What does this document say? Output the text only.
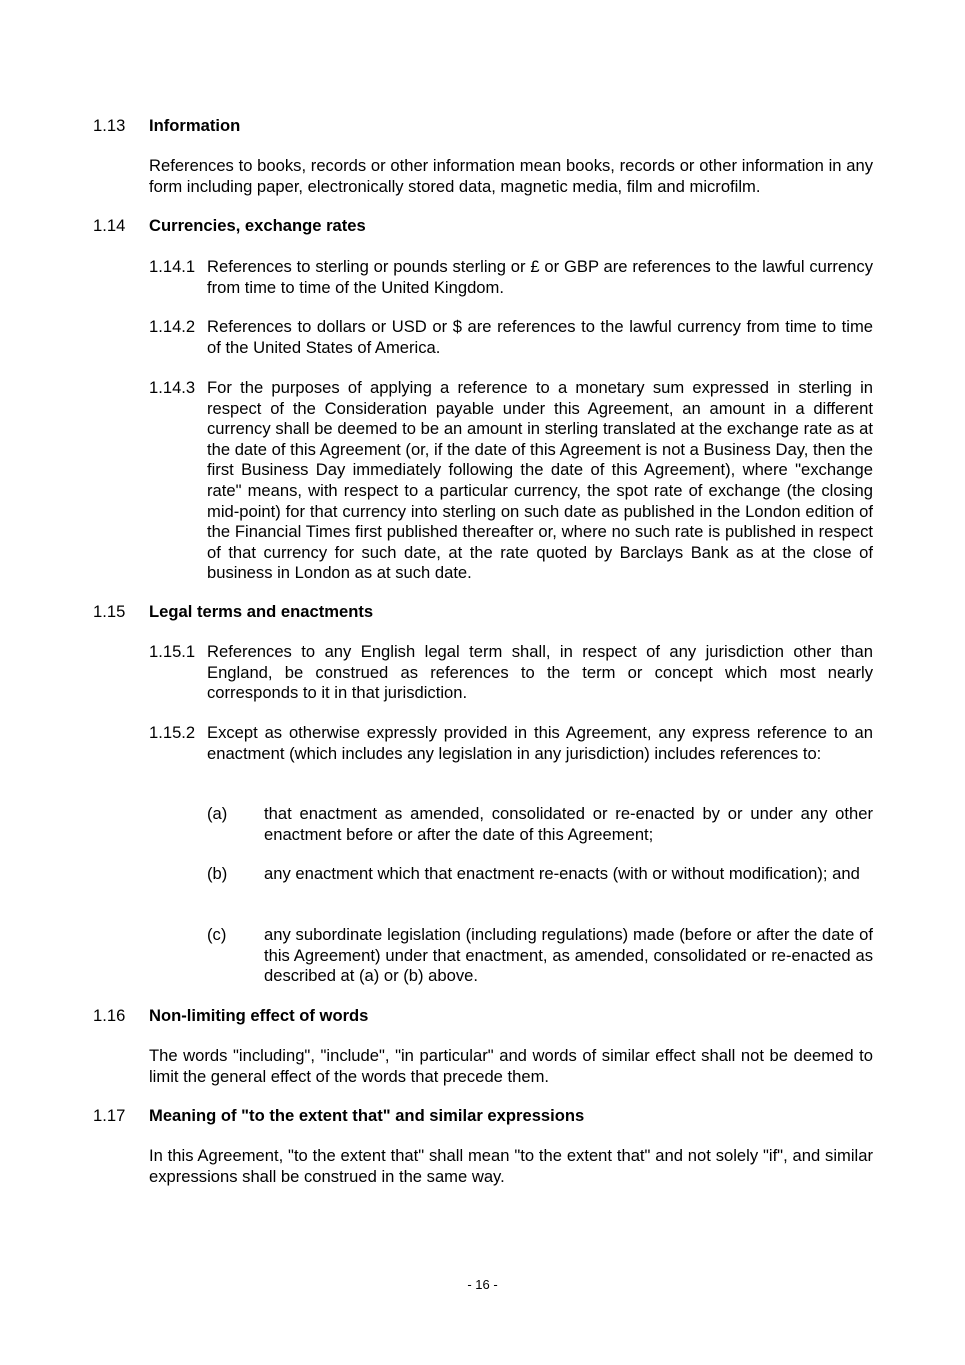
1.13 Information
References to books, records or other information mean books, records or other information in any form including paper, electronically stored data, magnetic media, film and microfilm.
1.14 Currencies, exchange rates
1.14.1 References to sterling or pounds sterling or £ or GBP are references to the lawful currency from time to time of the United Kingdom.
1.14.2 References to dollars or USD or $ are references to the lawful currency from time to time of the United States of America.
1.14.3 For the purposes of applying a reference to a monetary sum expressed in sterling in respect of the Consideration payable under this Agreement, an amount in a different currency shall be deemed to be an amount in sterling translated at the exchange rate as at the date of this Agreement (or, if the date of this Agreement is not a Business Day, then the first Business Day immediately following the date of this Agreement), where "exchange rate" means, with respect to a particular currency, the spot rate of exchange (the closing mid-point) for that currency into sterling on such date as published in the London edition of the Financial Times first published thereafter or, where no such rate is published in respect of that currency for such date, at the rate quoted by Barclays Bank as at the close of business in London as at such date.
1.15 Legal terms and enactments
1.15.1 References to any English legal term shall, in respect of any jurisdiction other than England, be construed as references to the term or concept which most nearly corresponds to it in that jurisdiction.
1.15.2 Except as otherwise expressly provided in this Agreement, any express reference to an enactment (which includes any legislation in any jurisdiction) includes references to:
(a) that enactment as amended, consolidated or re-enacted by or under any other enactment before or after the date of this Agreement;
(b) any enactment which that enactment re-enacts (with or without modification); and
(c) any subordinate legislation (including regulations) made (before or after the date of this Agreement) under that enactment, as amended, consolidated or re-enacted as described at (a) or (b) above.
1.16 Non-limiting effect of words
The words "including", "include", "in particular" and words of similar effect shall not be deemed to limit the general effect of the words that precede them.
1.17 Meaning of "to the extent that" and similar expressions
In this Agreement, "to the extent that" shall mean "to the extent that" and not solely "if", and similar expressions shall be construed in the same way.
- 16 -
